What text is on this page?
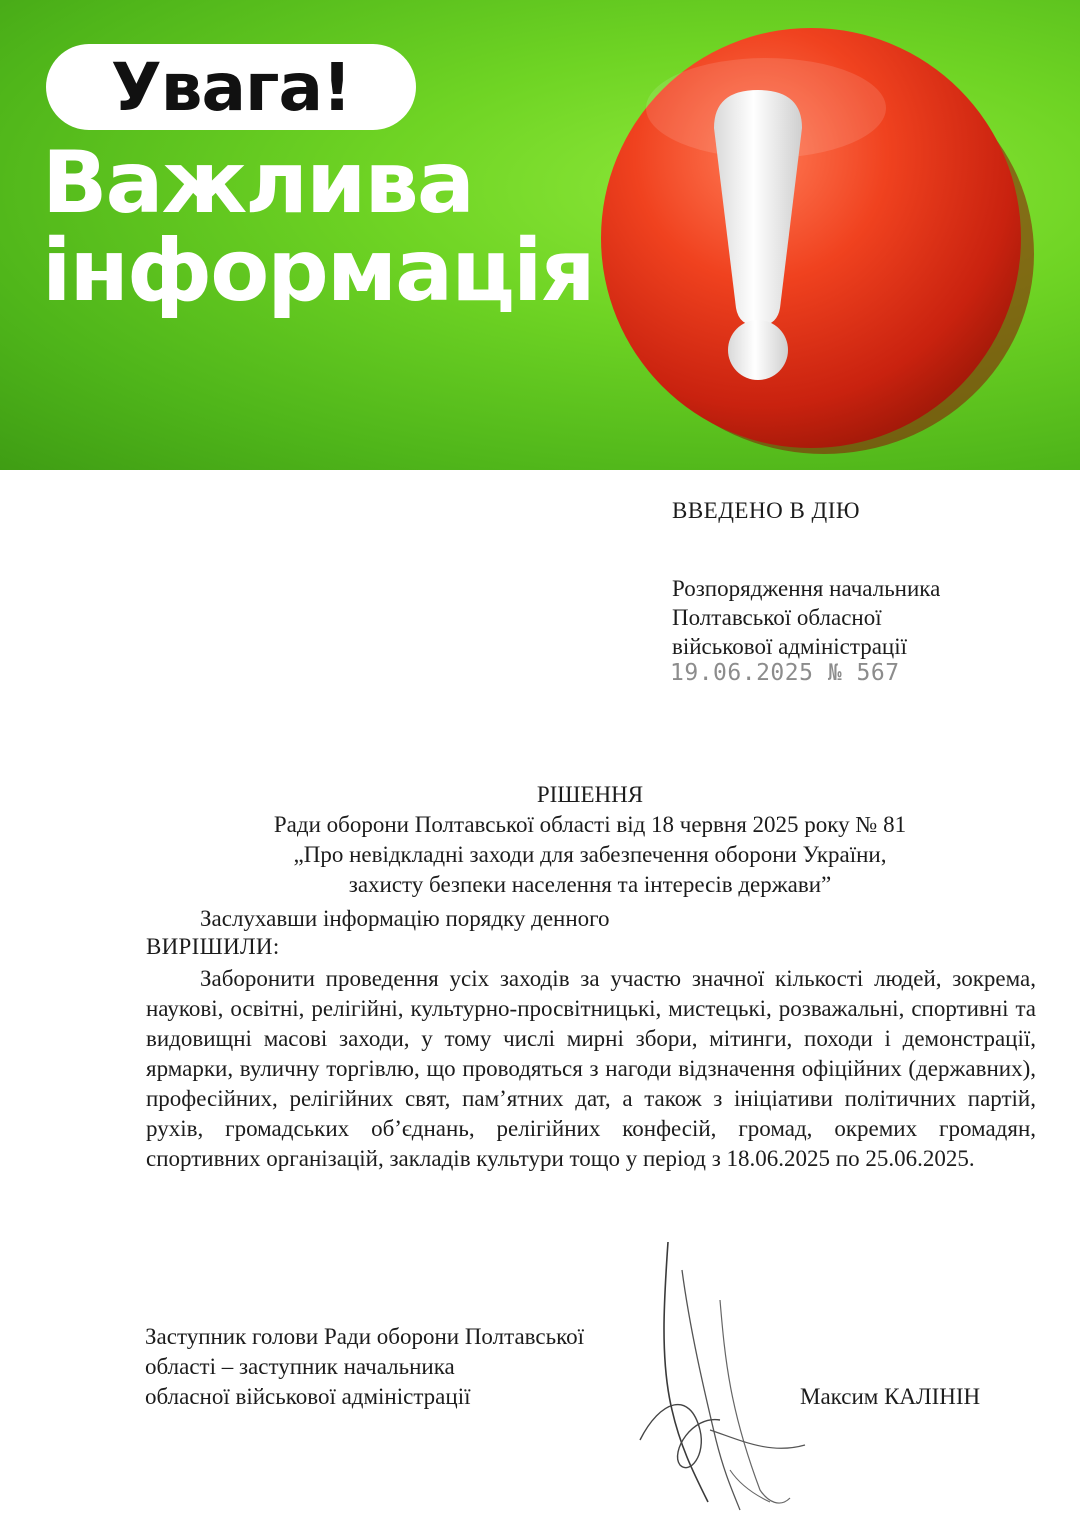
Увага!
Важлива
інформація
ВВЕДЕНО В ДІЮ
Розпорядження начальника
Полтавської обласної
військової адміністрації
19.06.2025 № 567
РІШЕННЯ
Ради оборони Полтавської області від 18 червня 2025 року № 81
„Про невідкладні заходи для забезпечення оборони України,
захисту безпеки населення та інтересів держави”
Заслухавши інформацію порядку денного
ВИРІШИЛИ:
Заборонити проведення усіх заходів за участю значної кількості людей, зокрема, наукові, освітні, релігійні, культурно-просвітницькі, мистецькі, розважальні, спортивні та видовищні масові заходи, у тому числі мирні збори, мітинги, походи і демонстрації, ярмарки, вуличну торгівлю, що проводяться з нагоди відзначення офіційних (державних), професійних, релігійних свят, пам’ятних дат, а також з ініціативи політичних партій, рухів, громадських об’єднань, релігійних конфесій, громад, окремих громадян, спортивних організацій, закладів культури тощо у період з 18.06.2025 по 25.06.2025.
Заступник голови Ради оборони Полтавської
області – заступник начальника
обласної військової адміністрації	Максим КАЛІНІН
